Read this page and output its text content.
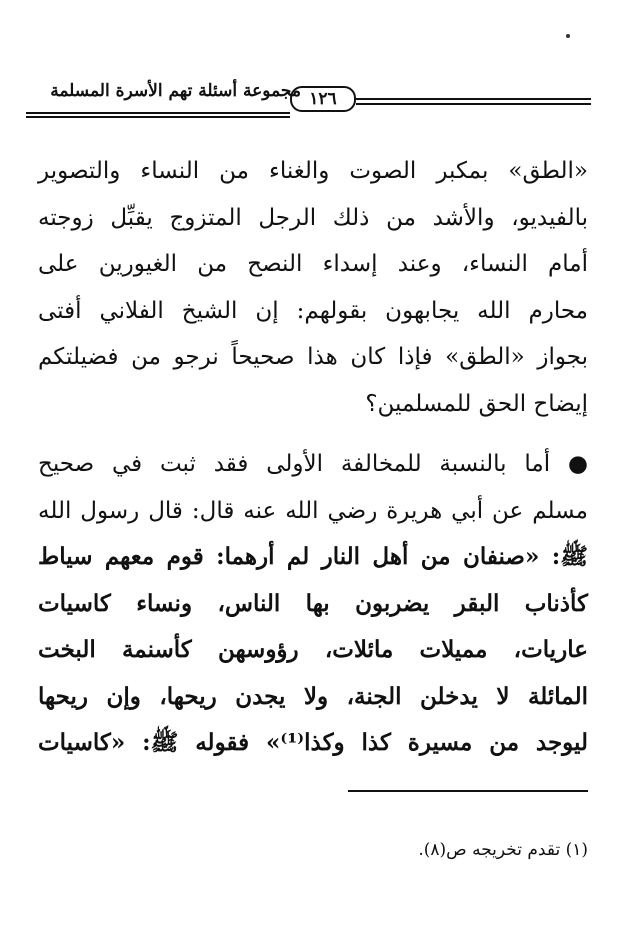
مجموعة أسئلة تهم الأسرة المسلمة ١٢٦
«الطق» بمكبر الصوت والغناء من النساء والتصوير
بالفيديو، والأشد من ذلك الرجل المتزوج يقبِّل زوجته
أمام النساء، وعند إسداء النصح من الغيورين على
محارم الله يجابهون بقولهم: إن الشيخ الفلاني أفتى
بجواز «الطق» فإذا كان هذا صحيحاً نرجو من فضيلتكم
إيضاح الحق للمسلمين؟
● أما بالنسبة للمخالفة الأولى فقد ثبت في صحيح
مسلم عن أبي هريرة رضي الله عنه قال: قال رسول الله
ﷺ: «صنفان من أهل النار لم أرهما: قوم معهم سياط
كأذناب البقر يضربون بها الناس، ونساء كاسيات
عاريات، مميلات مائلات، رؤوسهن كأسنمة البخت
المائلة لا يدخلن الجنة، ولا يجدن ريحها، وإن ريحها
ليوجد من مسيرة كذا وكذا⁽¹⁾» فقوله ﷺ: «كاسيات
(١) تقدم تخريجه ص(٨).
